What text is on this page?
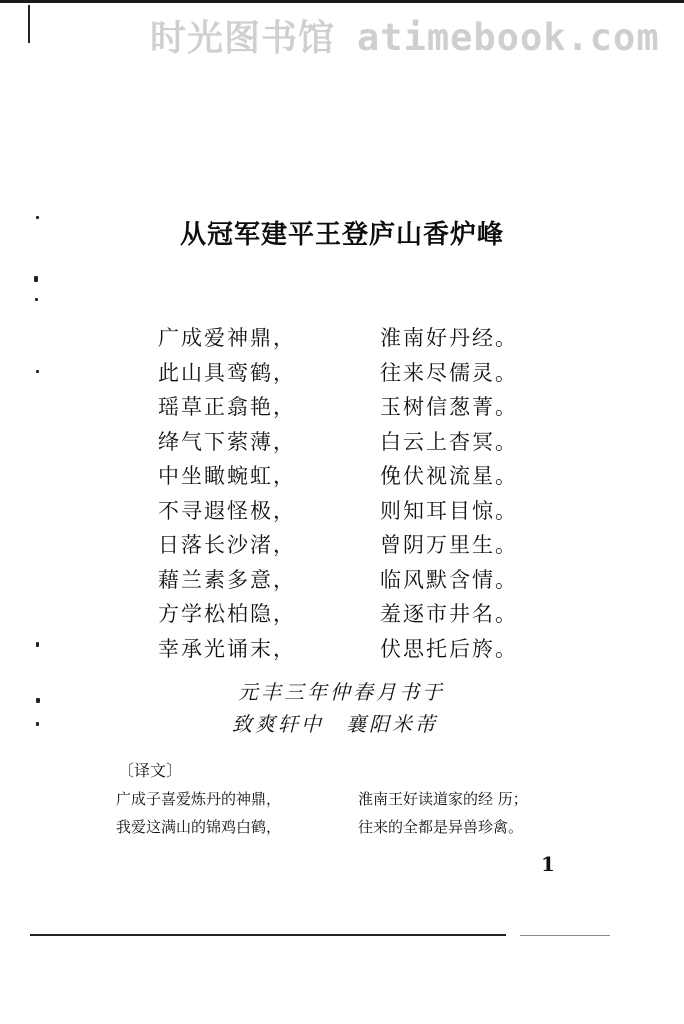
时光图书馆 atimebook.com
从冠军建平王登庐山香炉峰
广成爱神鼎，	淮南好丹经。
此山具鸾鹤，	往来尽儒灵。
瑶草正翕艳，	玉树信葱菁。
绛气下萦薄，	白云上杳冥。
中坐瞰蜿虹，	俛伏视流星。
不寻遐怪极，	则知耳目惊。
日落长沙渚，	曾阴万里生。
藉兰素多意，	临风默含情。
方学松柏隐，	羞逐市井名。
幸承光诵末，	伏思托后旍。
元丰三年仲春月书于
致爽轩中 襄阳米芾
〔译文〕
广成子喜爱炼丹的神鼎，	淮南王好读道家的经 历；
我爱这满山的锦鸡白鹤，	往来的全都是异兽珍禽。
1
